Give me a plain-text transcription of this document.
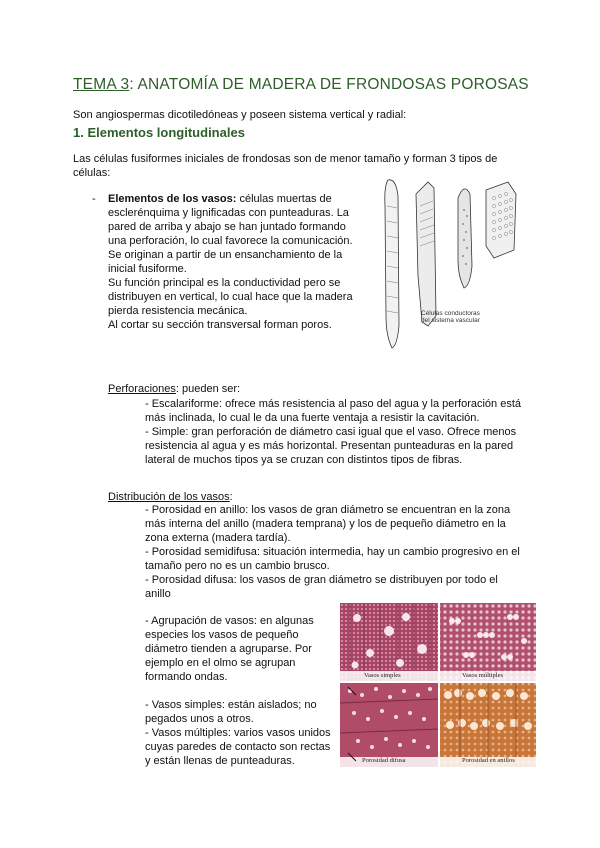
TEMA 3: ANATOMÍA DE MADERA DE FRONDOSAS POROSAS
Son angiospermas dicotiledóneas y poseen sistema vertical y radial:
1. Elementos longitudinales
Las células fusiformes iniciales de frondosas son de menor tamaño y forman 3 tipos de células:
- Elementos de los vasos: células muertas de
esclerénquima y lignificadas con punteaduras. La
pared de arriba y abajo se han juntado formando
una perforación, lo cual favorece la comunicación.
Se originan a partir de un ensanchamiento de la
inicial fusiforme.
Su función principal es la conductividad pero se
distribuyen en vertical, lo cual hace que la madera
pierda resistencia mecánica.
Al cortar su sección transversal forman poros.
Células conductoras
del sistema vascular
Perforaciones: pueden ser:
- Escalariforme: ofrece más resistencia al paso del agua y la perforación está
más inclinada, lo cual le da una fuerte ventaja a resistir la cavitación.
- Simple: gran perforación de diámetro casi igual que el vaso. Ofrece menos
resistencia al agua y es más horizontal. Presentan punteaduras en la pared
lateral de muchos tipos ya se cruzan con distintos tipos de fibras.
Distribución de los vasos:
- Porosidad en anillo: los vasos de gran diámetro se encuentran en la zona
más interna del anillo (madera temprana) y los de pequeño diámetro en la
zona externa (madera tardía).
- Porosidad semidifusa: situación intermedia, hay un cambio progresivo en el
tamaño pero no es un cambio brusco.
- Porosidad difusa: los vasos de gran diámetro se distribuyen por todo el
anillo
- Agrupación de vasos: en algunas
especies los vasos de pequeño
diámetro tienden a agruparse. Por
ejemplo en el olmo se agrupan
formando ondas.
- Vasos simples: están aislados; no
pegados unos a otros.
- Vasos múltiples: varios vasos unidos
cuyas paredes de contacto son rectas
y están llenas de punteaduras.
Vasos simples	Vasos múltiples
Porosidad difusa	Porosidad en anillos
